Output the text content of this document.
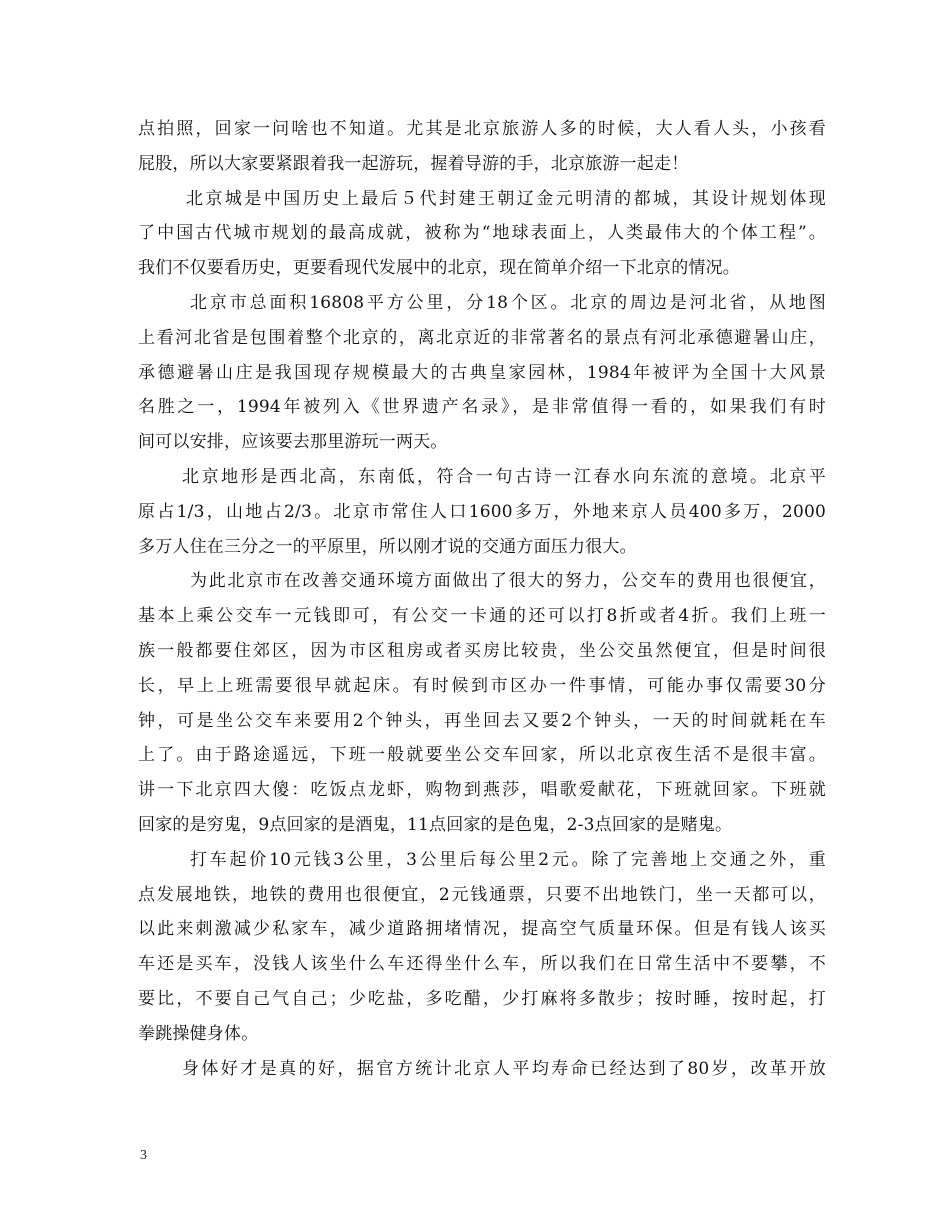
点拍照，回家一问啥也不知道。尤其是北京旅游人多的时候，大人看人头，小孩看
屁股，所以大家要紧跟着我一起游玩，握着导游的手，北京旅游一起走！
北京城是中国历史上最后５代封建王朝辽金元明清的都城，其设计规划体现
了中国古代城市规划的最高成就，被称为“地球表面上，人类最伟大的个体工程”。
我们不仅要看历史，更要看现代发展中的北京，现在简单介绍一下北京的情况。
北京市总面积16808平方公里，分18个区。北京的周边是河北省，从地图
上看河北省是包围着整个北京的，离北京近的非常著名的景点有河北承德避暑山庄，
承德避暑山庄是我国现存规模最大的古典皇家园林，1984年被评为全国十大风景
名胜之一，1994年被列入《世界遗产名录》，是非常值得一看的，如果我们有时
间可以安排，应该要去那里游玩一两天。
北京地形是西北高，东南低，符合一句古诗一江春水向东流的意境。北京平
原占1/3，山地占2/3。北京市常住人口1600多万，外地来京人员400多万，2000
多万人住在三分之一的平原里，所以刚才说的交通方面压力很大。
为此北京市在改善交通环境方面做出了很大的努力，公交车的费用也很便宜，
基本上乘公交车一元钱即可，有公交一卡通的还可以打8折或者4折。我们上班一
族一般都要住郊区，因为市区租房或者买房比较贵，坐公交虽然便宜，但是时间很
长，早上上班需要很早就起床。有时候到市区办一件事情，可能办事仅需要30分
钟，可是坐公交车来要用2个钟头，再坐回去又要2个钟头，一天的时间就耗在车
上了。由于路途遥远，下班一般就要坐公交车回家，所以北京夜生活不是很丰富。
讲一下北京四大傻：吃饭点龙虾，购物到燕莎，唱歌爱献花，下班就回家。下班就
回家的是穷鬼，9点回家的是酒鬼，11点回家的是色鬼，2-3点回家的是赌鬼。
打车起价10元钱3公里，3公里后每公里2元。除了完善地上交通之外，重
点发展地铁，地铁的费用也很便宜，2元钱通票，只要不出地铁门，坐一天都可以，
以此来刺激减少私家车，减少道路拥堵情况，提高空气质量环保。但是有钱人该买
车还是买车，没钱人该坐什么车还得坐什么车，所以我们在日常生活中不要攀，不
要比，不要自己气自己；少吃盐，多吃醋，少打麻将多散步；按时睡，按时起，打
拳跳操健身体。
身体好才是真的好，据官方统计北京人平均寿命已经达到了80岁，改革开放
3
